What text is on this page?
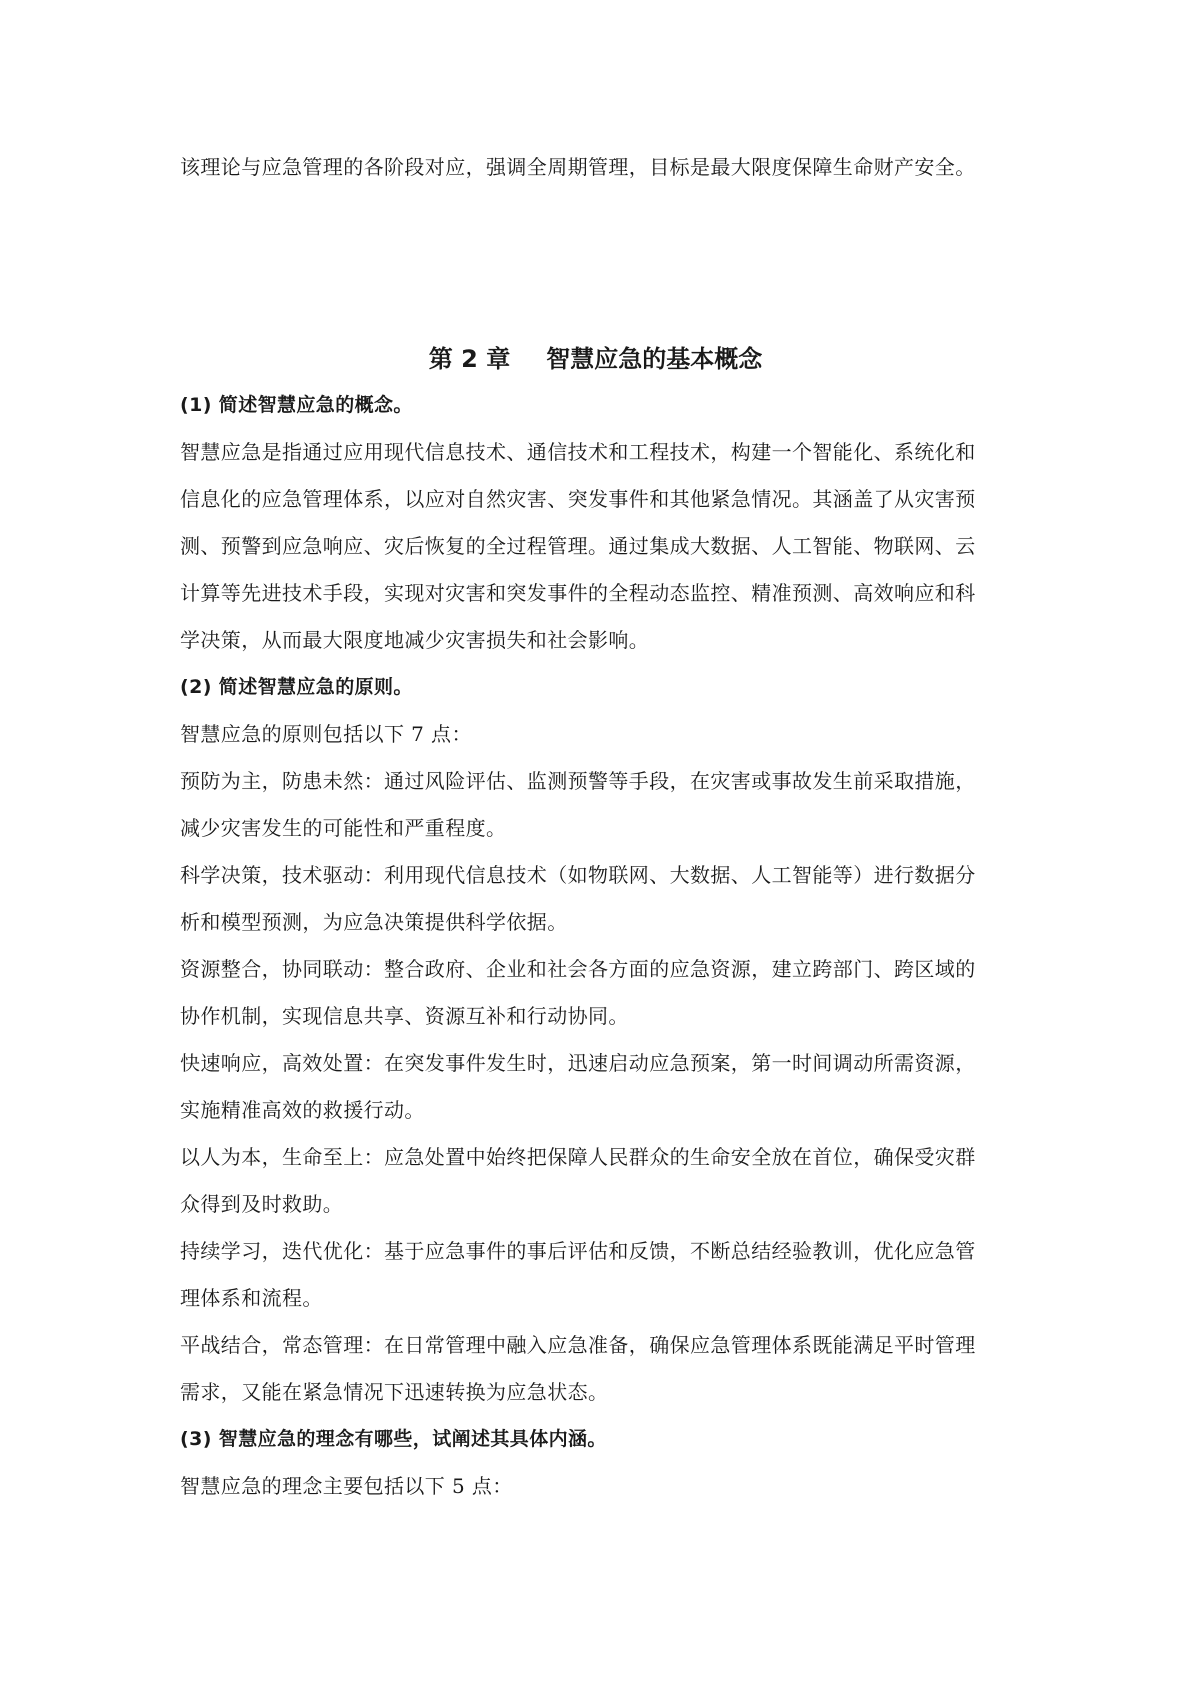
该理论与应急管理的各阶段对应，强调全周期管理，目标是最大限度保障生命财产安全。
第 2 章 智慧应急的基本概念
(1) 简述智慧应急的概念。
智慧应急是指通过应用现代信息技术、通信技术和工程技术，构建一个智能化、系统化和
信息化的应急管理体系，以应对自然灾害、突发事件和其他紧急情况。其涵盖了从灾害预
测、预警到应急响应、灾后恢复的全过程管理。通过集成大数据、人工智能、物联网、云
计算等先进技术手段，实现对灾害和突发事件的全程动态监控、精准预测、高效响应和科
学决策，从而最大限度地减少灾害损失和社会影响。
(2) 简述智慧应急的原则。
智慧应急的原则包括以下 7 点：
预防为主，防患未然：通过风险评估、监测预警等手段，在灾害或事故发生前采取措施，
减少灾害发生的可能性和严重程度。
科学决策，技术驱动：利用现代信息技术（如物联网、大数据、人工智能等）进行数据分
析和模型预测，为应急决策提供科学依据。
资源整合，协同联动：整合政府、企业和社会各方面的应急资源，建立跨部门、跨区域的
协作机制，实现信息共享、资源互补和行动协同。
快速响应，高效处置：在突发事件发生时，迅速启动应急预案，第一时间调动所需资源，
实施精准高效的救援行动。
以人为本，生命至上：应急处置中始终把保障人民群众的生命安全放在首位，确保受灾群
众得到及时救助。
持续学习，迭代优化：基于应急事件的事后评估和反馈，不断总结经验教训，优化应急管
理体系和流程。
平战结合，常态管理：在日常管理中融入应急准备，确保应急管理体系既能满足平时管理
需求，又能在紧急情况下迅速转换为应急状态。
(3) 智慧应急的理念有哪些，试阐述其具体内涵。
智慧应急的理念主要包括以下 5 点：
